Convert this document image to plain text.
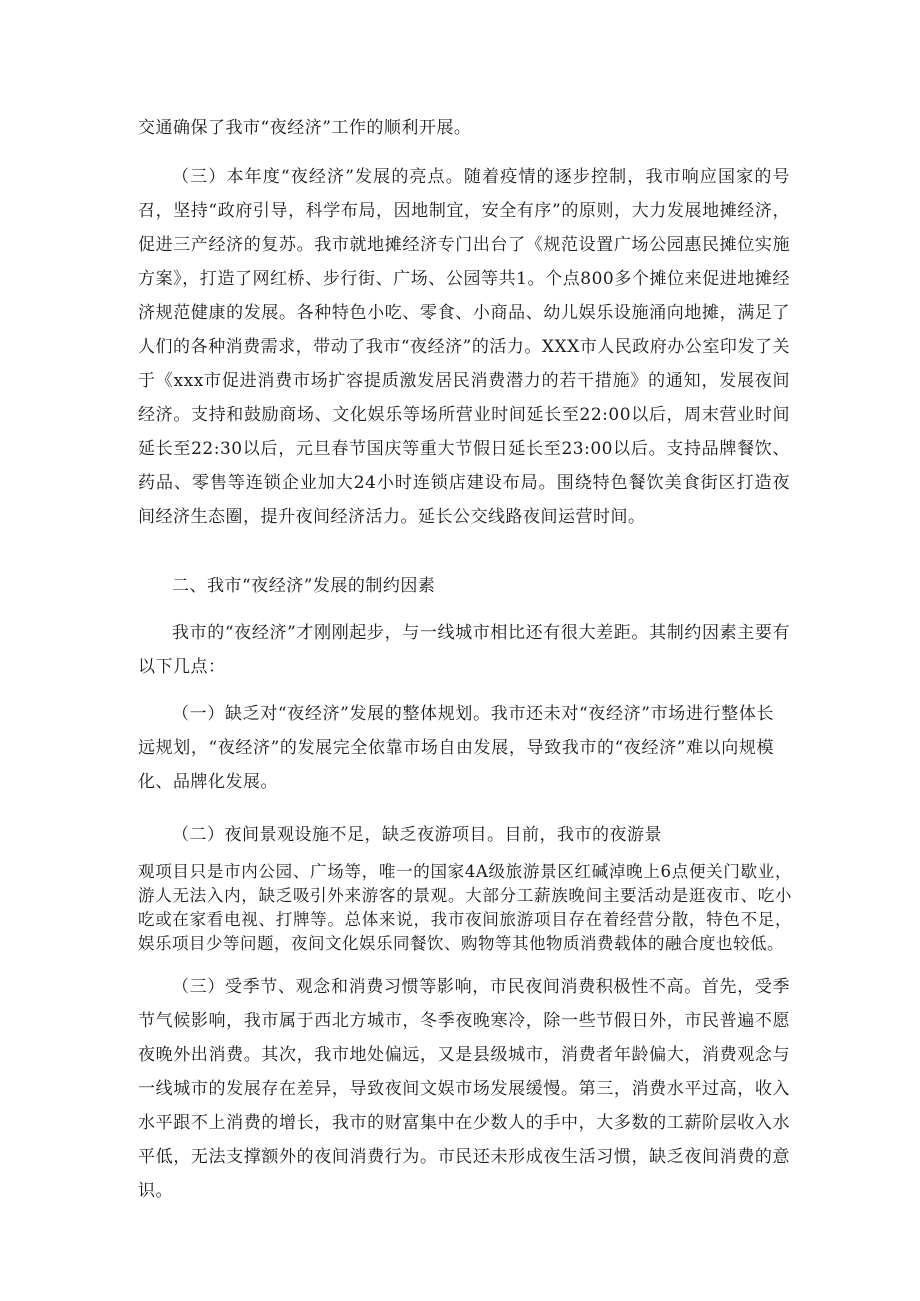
交通确保了我市“夜经济”工作的顺利开展。

（三）本年度“夜经济”发展的亮点。随着疫情的逐步控制，我市响应国家的号召，坚持“政府引导，科学布局，因地制宜，安全有序”的原则，大力发展地摊经济，促进三产经济的复苏。我市就地摊经济专门出台了《规范设置广场公园惠民摊位实施方案》，打造了网红桥、步行街、广场、公园等共1。个点800多个摊位来促进地摊经济规范健康的发展。各种特色小吃、零食、小商品、幼儿娱乐设施涌向地摊，满足了人们的各种消费需求，带动了我市“夜经济”的活力。XXX市人民政府办公室印发了关于《xxx市促进消费市场扩容提质激发居民消费潜力的若干措施》的通知，发展夜间经济。支持和鼓励商场、文化娱乐等场所营业时间延长至22:00以后，周末营业时间延长至22:30以后，元旦春节国庆等重大节假日延长至23:00以后。支持品牌餐饮、药品、零售等连锁企业加大24小时连锁店建设布局。围绕特色餐饮美食街区打造夜间经济生态圈，提升夜间经济活力。延长公交线路夜间运营时间。

二、我市“夜经济”发展的制约因素

我市的“夜经济”才刚刚起步，与一线城市相比还有很大差距。其制约因素主要有以下几点：

（一）缺乏对“夜经济”发展的整体规划。我市还未对“夜经济”市场进行整体长远规划，“夜经济”的发展完全依靠市场自由发展，导致我市的“夜经济”难以向规模化、品牌化发展。

（二）夜间景观设施不足，缺乏夜游项目。目前，我市的夜游景

观项目只是市内公园、广场等，唯一的国家4A级旅游景区红碱淖晚上6点便关门歇业，游人无法入内，缺乏吸引外来游客的景观。大部分工薪族晚间主要活动是逛夜市、吃小吃或在家看电视、打牌等。总体来说，我市夜间旅游项目存在着经营分散，特色不足，娱乐项目少等问题，夜间文化娱乐同餐饮、购物等其他物质消费载体的融合度也较低。

（三）受季节、观念和消费习惯等影响，市民夜间消费积极性不高。首先，受季节气候影响，我市属于西北方城市，冬季夜晚寒冷，除一些节假日外，市民普遍不愿夜晚外出消费。其次，我市地处偏远，又是县级城市，消费者年龄偏大，消费观念与一线城市的发展存在差异，导致夜间文娱市场发展缓慢。第三，消费水平过高，收入水平跟不上消费的增长，我市的财富集中在少数人的手中，大多数的工薪阶层收入水平低，无法支撑额外的夜间消费行为。市民还未形成夜生活习惯，缺乏夜间消费的意识。
